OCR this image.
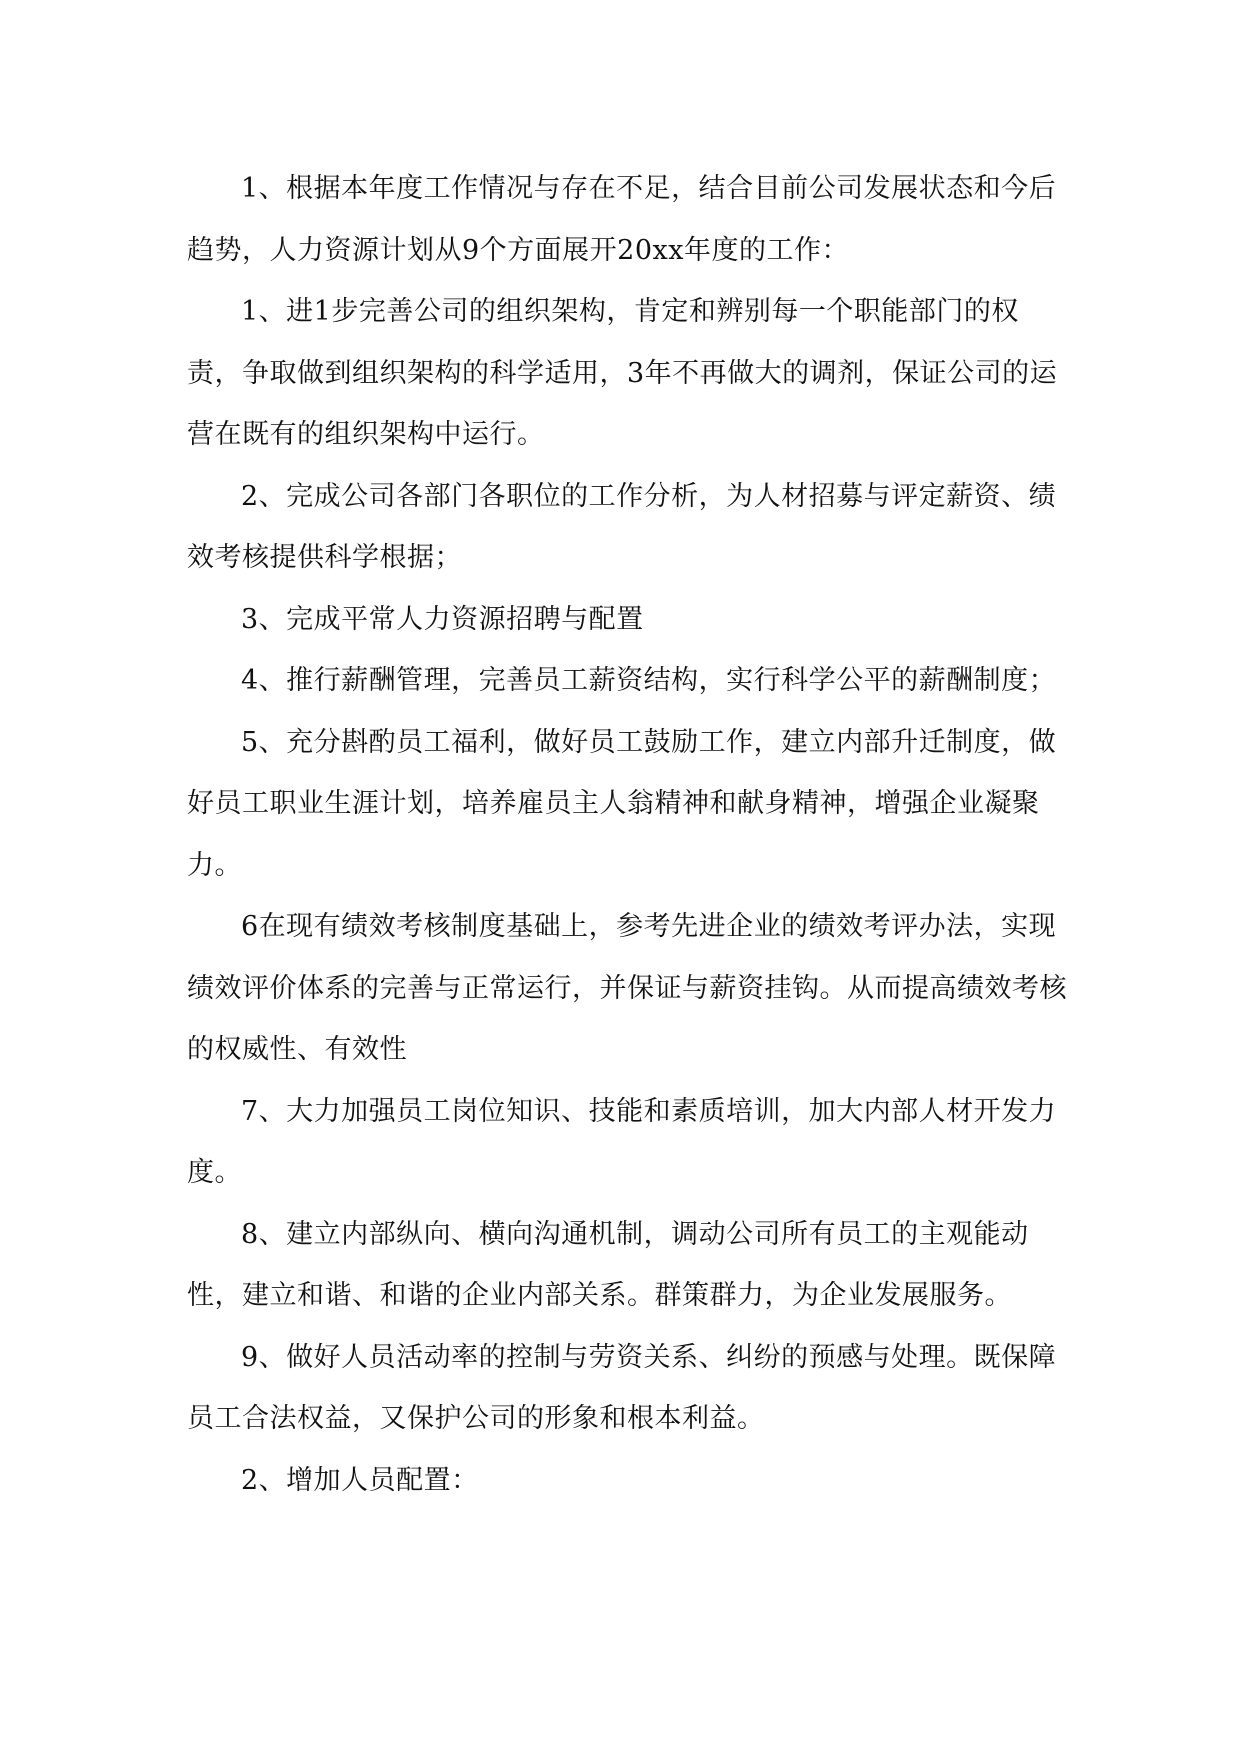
1、根据本年度工作情况与存在不足，结合目前公司发展状态和今后趋势，人力资源计划从9个方面展开20xx年度的工作：

1、进1步完善公司的组织架构，肯定和辨别每一个职能部门的权责，争取做到组织架构的科学适用，3年不再做大的调剂，保证公司的运营在既有的组织架构中运行。

2、完成公司各部门各职位的工作分析，为人材招募与评定薪资、绩效考核提供科学根据；

3、完成平常人力资源招聘与配置

4、推行薪酬管理，完善员工薪资结构，实行科学公平的薪酬制度；

5、充分斟酌员工福利，做好员工鼓励工作，建立内部升迁制度，做好员工职业生涯计划，培养雇员主人翁精神和献身精神，增强企业凝聚力。

6在现有绩效考核制度基础上，参考先进企业的绩效考评办法，实现绩效评价体系的完善与正常运行，并保证与薪资挂钩。从而提高绩效考核的权威性、有效性

7、大力加强员工岗位知识、技能和素质培训，加大内部人材开发力度。

8、建立内部纵向、横向沟通机制，调动公司所有员工的主观能动性，建立和谐、和谐的企业内部关系。群策群力，为企业发展服务。

9、做好人员活动率的控制与劳资关系、纠纷的预感与处理。既保障员工合法权益，又保护公司的形象和根本利益。

2、增加人员配置：
